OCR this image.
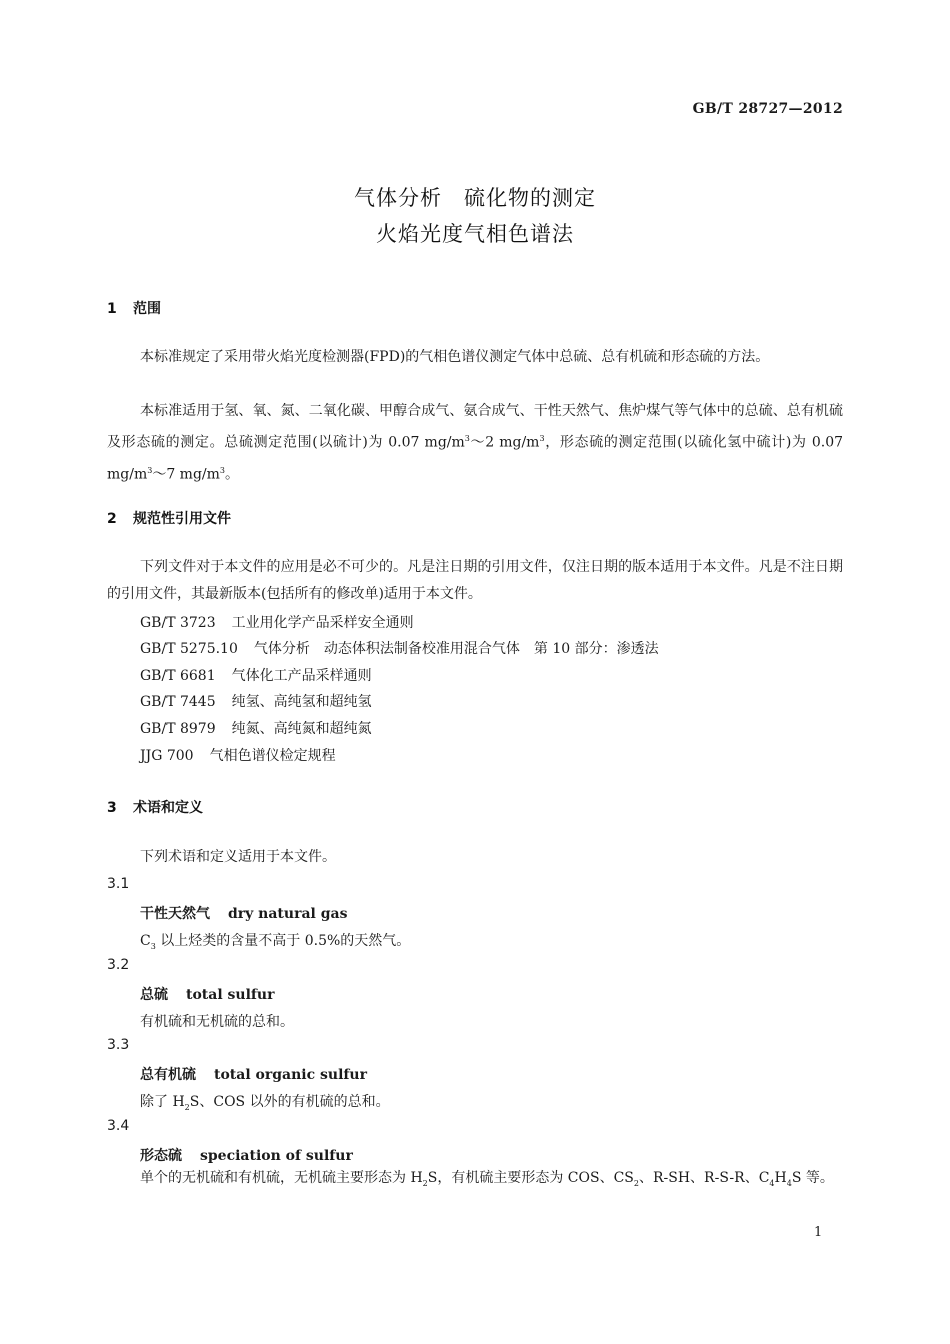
GB/T 28727—2012
气体分析　硫化物的测定
火焰光度气相色谱法
1 范围
本标准规定了采用带火焰光度检测器(FPD)的气相色谱仪测定气体中总硫、总有机硫和形态硫的方法。
本标准适用于氢、氧、氮、二氧化碳、甲醇合成气、氨合成气、干性天然气、焦炉煤气等气体中的总硫、总有机硫及形态硫的测定。总硫测定范围(以硫计)为 0.07 $mg/m^3\sim 2$ $mg/m^3$，形态硫的测定范围(以硫化氢中硫计)为 0.07 $mg/m^3\sim 7$ $mg/m^3$。
2 规范性引用文件
下列文件对于本文件的应用是必不可少的。凡是注日期的引用文件，仅注日期的版本适用于本文件。凡是不注日期的引用文件，其最新版本(包括所有的修改单)适用于本文件。
GB/T 3723 工业用化学产品采样安全通则
GB/T 5275.10 气体分析　动态体积法制备校准用混合气体　第 10 部分：渗透法
GB/T 6681 气体化工产品采样通则
GB/T 7445 纯氢、高纯氢和超纯氢
GB/T 8979 纯氮、高纯氮和超纯氮
JJG 700 气相色谱仪检定规程
3 术语和定义
下列术语和定义适用于本文件。
3.1
干性天然气 dry natural gas
$C_3$ 以上烃类的含量不高于 0.5%的天然气。
3.2
总硫 total sulfur
有机硫和无机硫的总和。
3.3
总有机硫 total organic sulfur
除了 $H_2S$、COS 以外的有机硫的总和。
3.4
形态硫 speciation of sulfur
单个的无机硫和有机硫，无机硫主要形态为 $H_2S$，有机硫主要形态为 COS、$CS_2$、R-SH、R-S-R、$C_4H_4S$ 等。
1
